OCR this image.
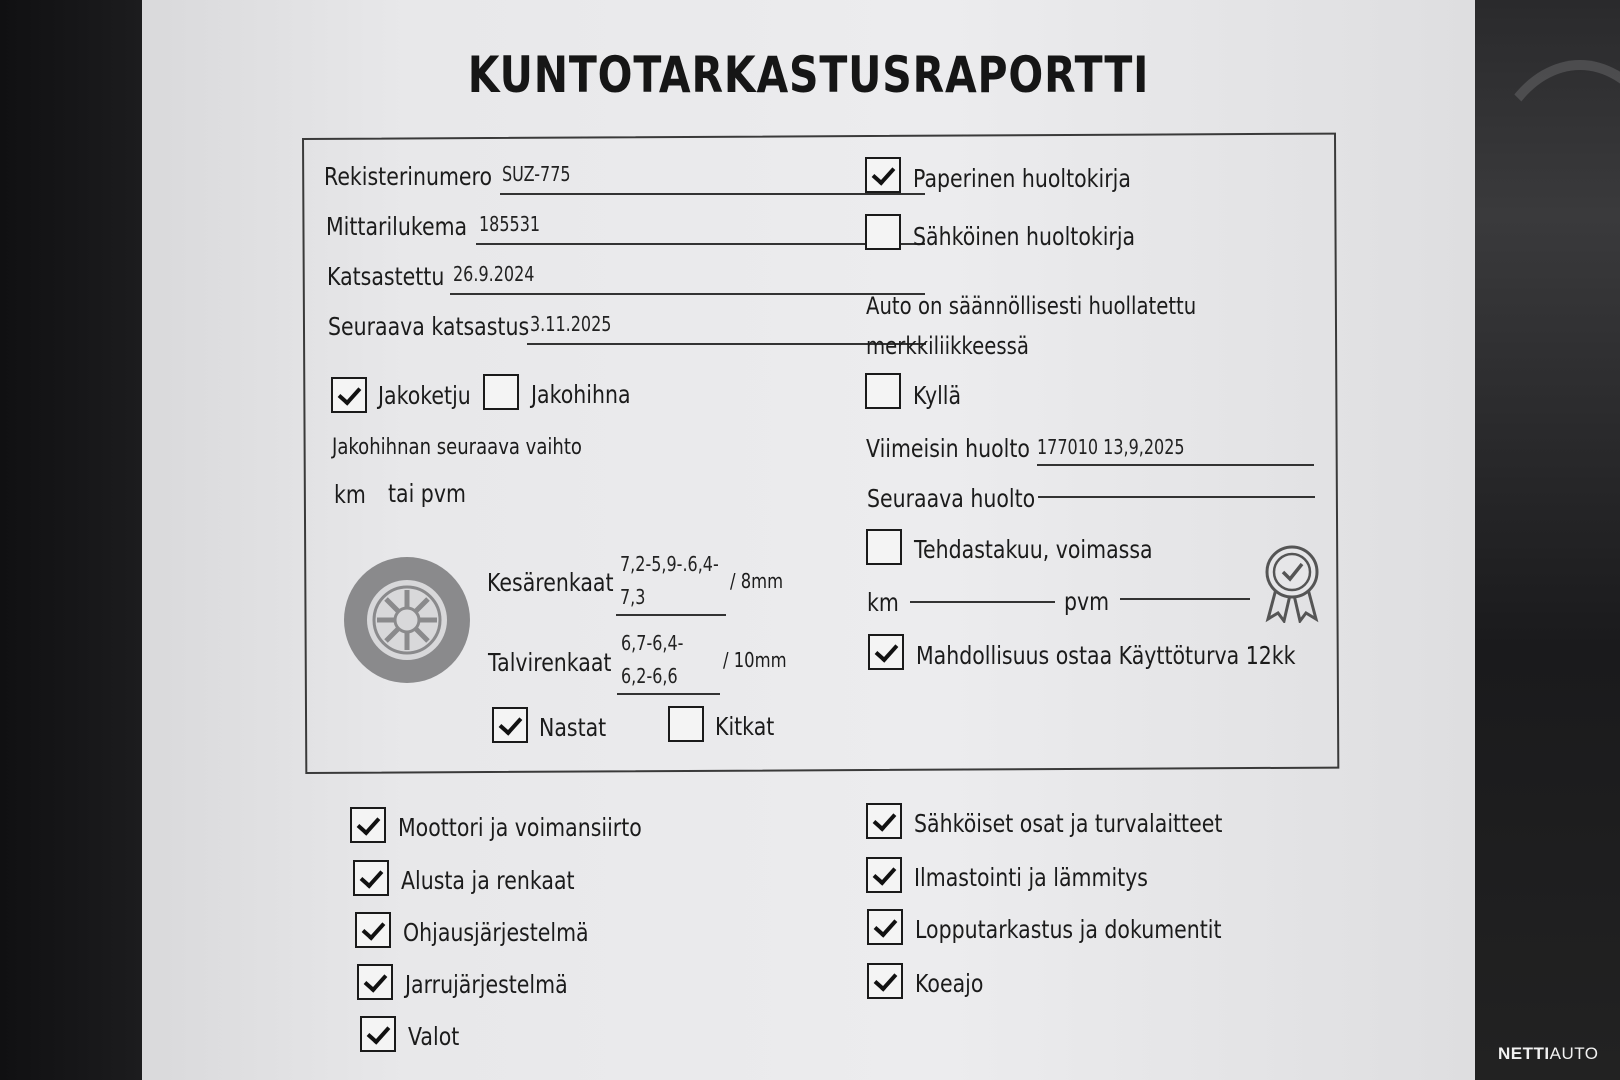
KUNTOTARKASTUSRAPORTTI
Rekisterinumero SUZ-775
Mittarilukema 185531
Katsastettu 26.9.2024
Seuraava katsastus 3.11.2025
Jakoketju Jakohihna
Jakohihnan seuraava vaihto
km tai pvm
Kesärenkaat
7,2-5,9-.6,4-
7,3
/ 8mm
Talvirenkaat
6,7-6,4-
6,2-6,6
/ 10mm
Nastat	Kitkat
Paperinen huoltokirja
Sähköinen huoltokirja
Auto on säännöllisesti huollatettu
merkkiliikkeessä
Kyllä
Viimeisin huolto 177010 13,9,2025
Seuraava huolto
Tehdastakuu, voimassa
km	pvm
Mahdollisuus ostaa Käyttöturva 12kk
Moottori ja voimansiirto
Alusta ja renkaat
Ohjausjärjestelmä
Jarrujärjestelmä
Valot
Sähköiset osat ja turvalaitteet
Ilmastointi ja lämmitys
Lopputarkastus ja dokumentit
Koeajo
NETTIAUTO
